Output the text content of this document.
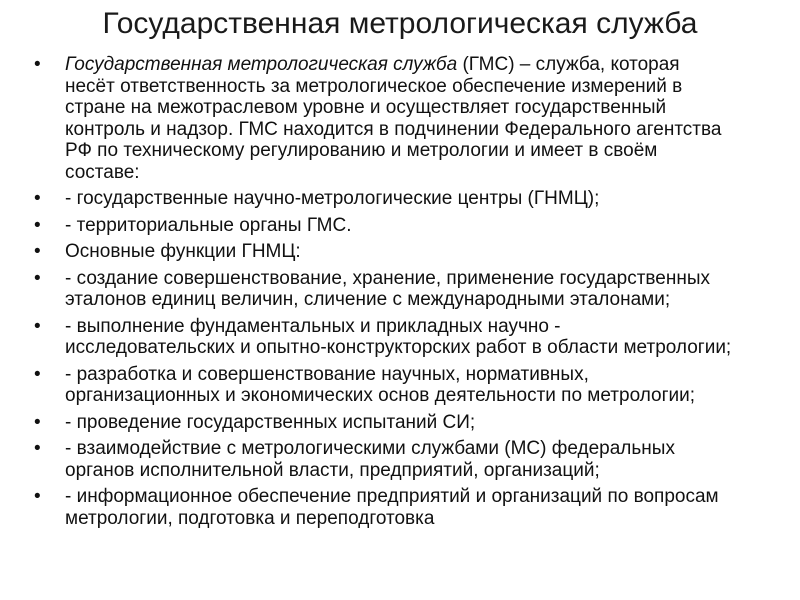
Государственная метрологическая служба
•	Государственная метрологическая служба (ГМС) – служба, которая несёт ответственность за метрологическое обеспечение измерений в стране на межотраслевом уровне и осуществляет государственный контроль и надзор. ГМС находится в подчинении Федерального агентства РФ по техническому регулированию и метрологии и имеет в своём составе:
•	- государственные научно-метрологические центры (ГНМЦ);
•	- территориальные органы ГМС.
•	Основные функции ГНМЦ:
•	- создание совершенствование, хранение, применение государственных эталонов единиц величин, сличение с международными эталонами;
•	- выполнение фундаментальных и прикладных научно - исследовательских и опытно-конструкторских работ в области метрологии;
•	- разработка и совершенствование научных, нормативных, организационных и экономических основ деятельности по метрологии;
•	- проведение государственных испытаний СИ;
•	- взаимодействие с метрологическими службами (МС) федеральных органов исполнительной власти, предприятий, организаций;
•	- информационное обеспечение предприятий и организаций по вопросам метрологии, подготовка и переподготовка
